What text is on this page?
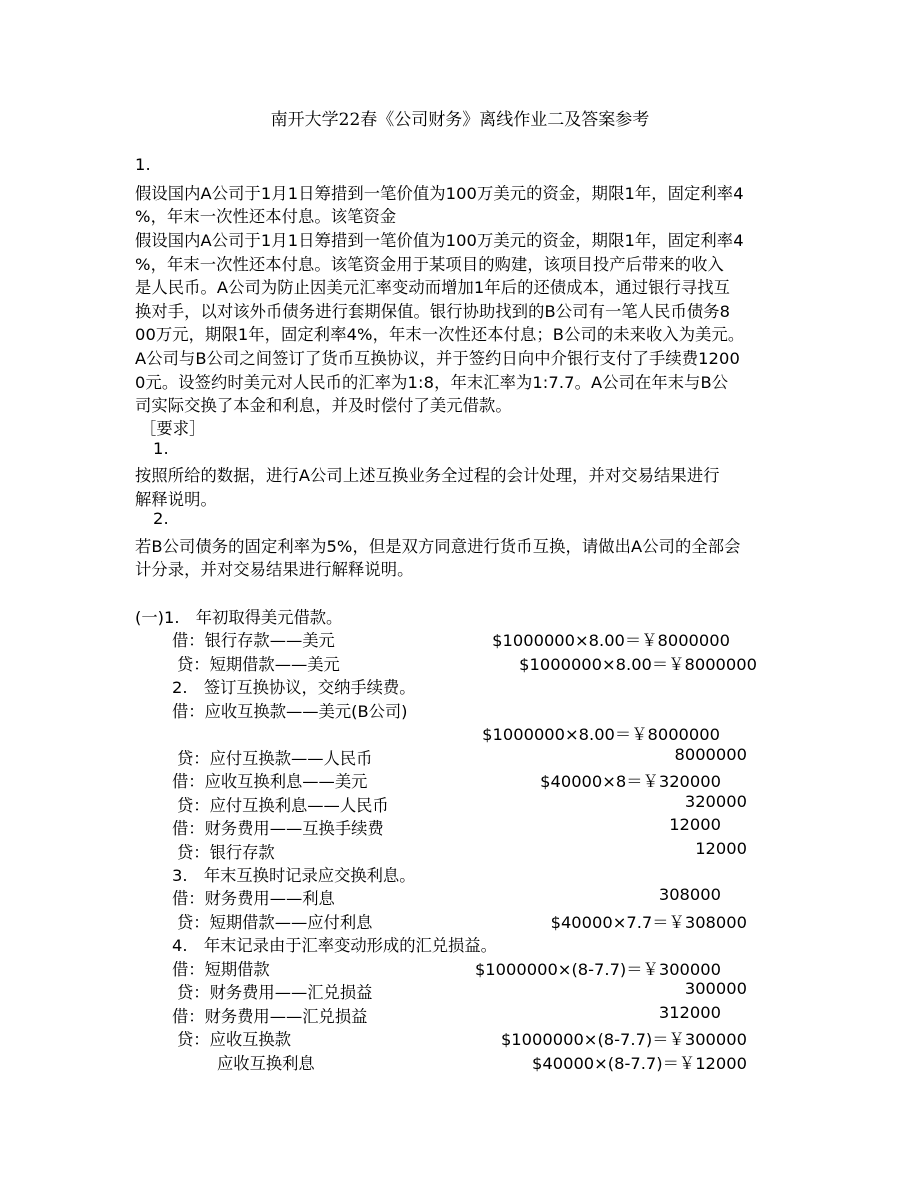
南开大学22春《公司财务》离线作业二及答案参考
1.
假设国内A公司于1月1日筹措到一笔价值为100万美元的资金，期限1年，固定利率4
%，年末一次性还本付息。该笔资金
假设国内A公司于1月1日筹措到一笔价值为100万美元的资金，期限1年，固定利率4
%，年末一次性还本付息。该笔资金用于某项目的购建，该项目投产后带来的收入
是人民币。A公司为防止因美元汇率变动而增加1年后的还债成本，通过银行寻找互
换对手，以对该外币债务进行套期保值。银行协助找到的B公司有一笔人民币债务8
00万元，期限1年，固定利率4%，年末一次性还本付息；B公司的未来收入为美元。
A公司与B公司之间签订了货币互换协议，并于签约日向中介银行支付了手续费1200
0元。设签约时美元对人民币的汇率为1:8，年末汇率为1:7.7。A公司在年末与B公
司实际交换了本金和利息，并及时偿付了美元借款。
［要求］
1.
按照所给的数据，进行A公司上述互换业务全过程的会计处理，并对交易结果进行
解释说明。
2.
若B公司债务的固定利率为5%，但是双方同意进行货币互换，请做出A公司的全部会
计分录，并对交易结果进行解释说明。
(一)1.　年初取得美元借款。
借：银行存款——美元	$1000000×8.00＝￥8000000
贷：短期借款——美元	$1000000×8.00＝￥8000000
2.　签订互换协议，交纳手续费。
借：应收互换款——美元(B公司)
$1000000×8.00＝￥8000000
贷：应付互换款——人民币	8000000
借：应收互换利息——美元	$40000×8＝￥320000
贷：应付互换利息——人民币	320000
借：财务费用——互换手续费	12000
贷：银行存款	12000
3.　年末互换时记录应交换利息。
借：财务费用——利息	308000
贷：短期借款——应付利息	$40000×7.7＝￥308000
4.　年末记录由于汇率变动形成的汇兑损益。
借：短期借款	$1000000×(8-7.7)＝￥300000
贷：财务费用——汇兑损益	300000
借：财务费用——汇兑损益	312000
贷：应收互换款	$1000000×(8-7.7)＝￥300000
应收互换利息	$40000×(8-7.7)＝￥12000
